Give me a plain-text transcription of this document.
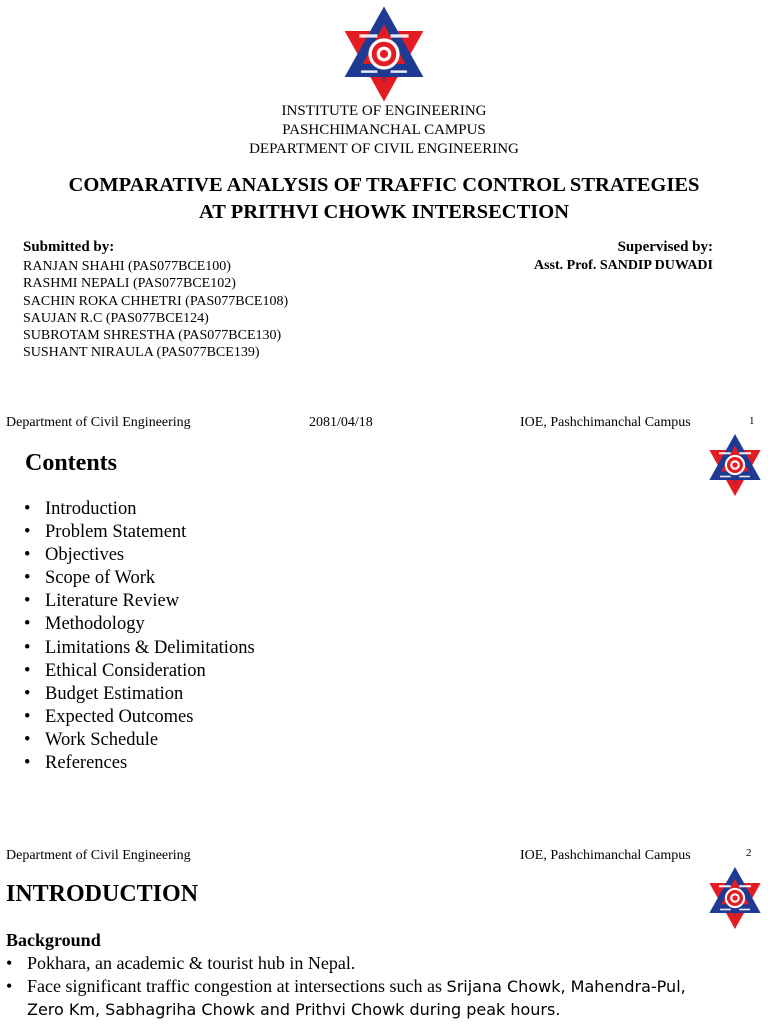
INSTITUTE OF ENGINEERING
PASHCHIMANCHAL CAMPUS
DEPARTMENT OF CIVIL ENGINEERING
COMPARATIVE ANALYSIS OF TRAFFIC CONTROL STRATEGIES
AT PRITHVI CHOWK INTERSECTION
Submitted by:
RANJAN SHAHI (PAS077BCE100)
RASHMI NEPALI (PAS077BCE102)
SACHIN ROKA CHHETRI (PAS077BCE108)
SAUJAN R.C (PAS077BCE124)
SUBROTAM SHRESTHA (PAS077BCE130)
SUSHANT NIRAULA (PAS077BCE139)
Supervised by:
Asst. Prof. SANDIP DUWADI
Department of Civil Engineering	2081/04/18	IOE, Pashchimanchal Campus	1
Contents
• Introduction
• Problem Statement
• Objectives
• Scope of Work
• Literature Review
• Methodology
• Limitations & Delimitations
• Ethical Consideration
• Budget Estimation
• Expected Outcomes
• Work Schedule
• References
Department of Civil Engineering	IOE, Pashchimanchal Campus	2
INTRODUCTION
Background
• Pokhara, an academic & tourist hub in Nepal.
• Face significant traffic congestion at intersections such as Srijana Chowk, Mahendra-Pul, Zero Km, Sabhagriha Chowk and Prithvi Chowk during peak hours.
